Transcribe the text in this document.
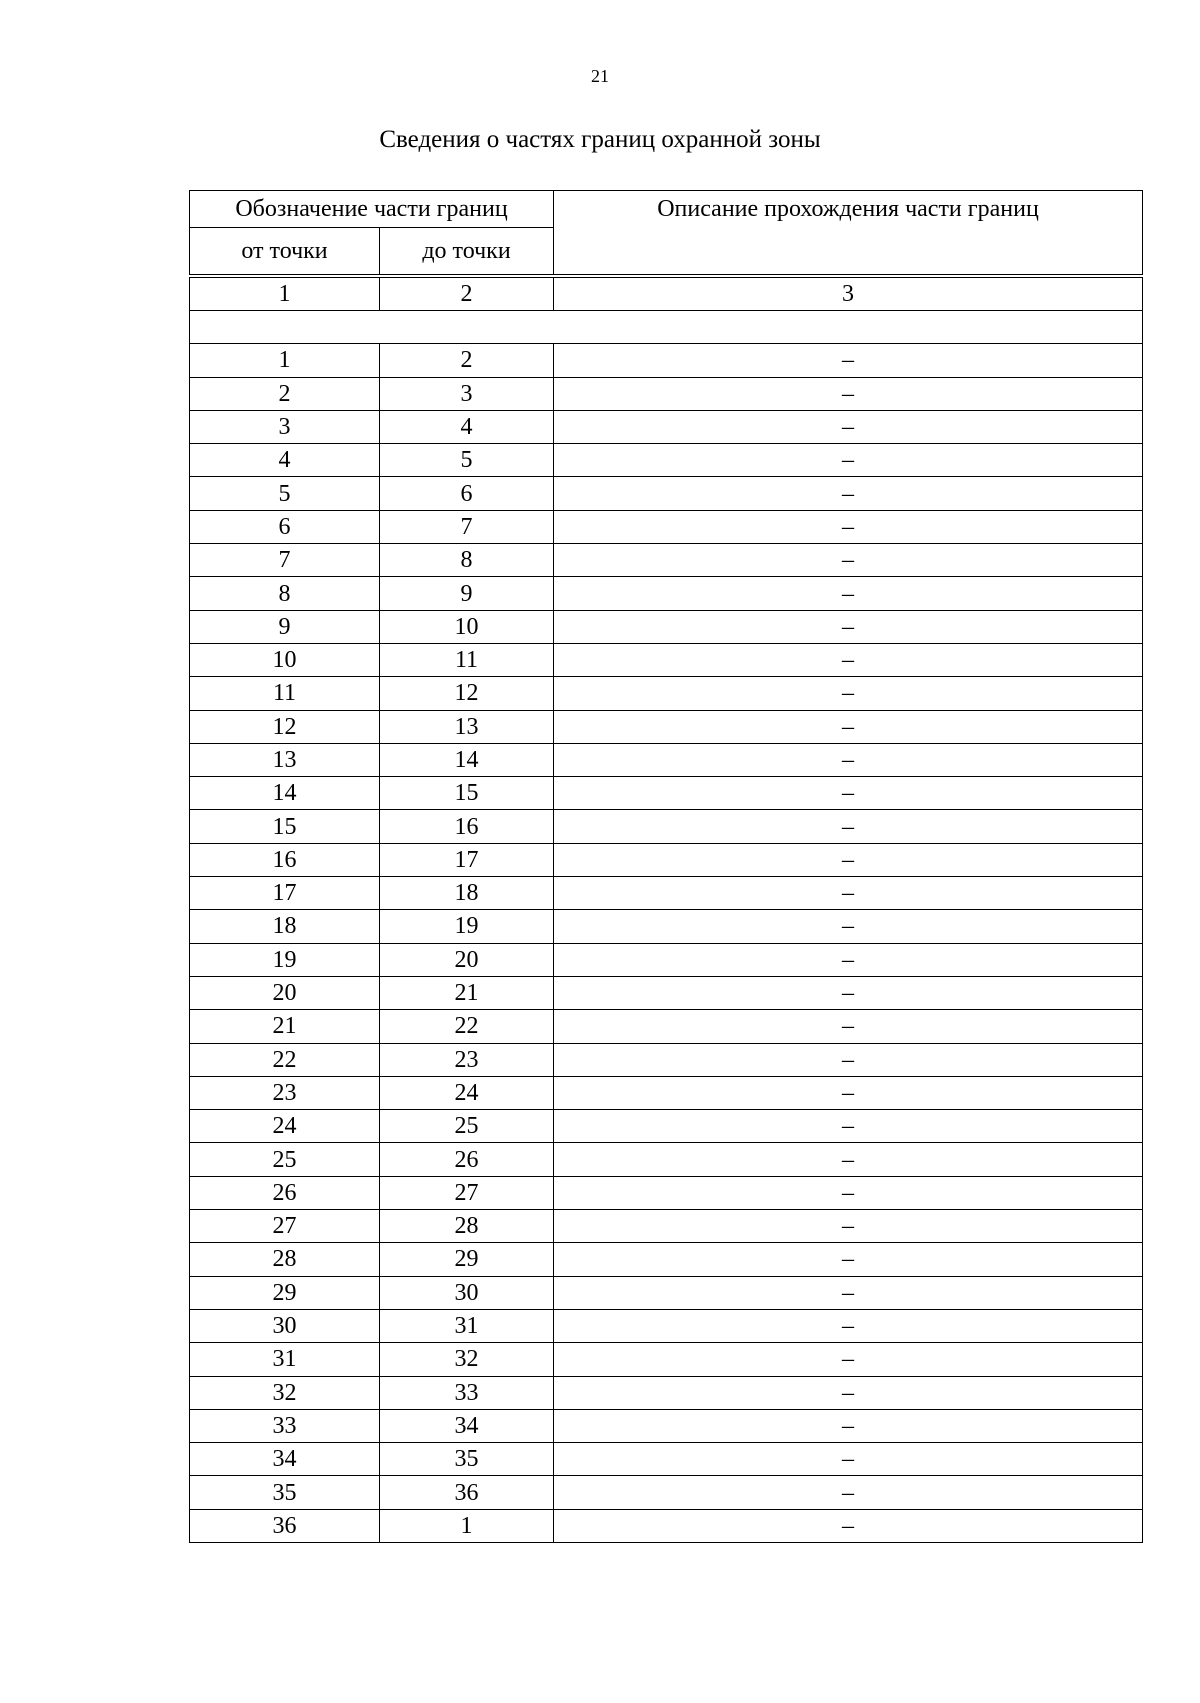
21
Сведения о частях границ охранной зоны
Обозначение части границ		Описание прохождения части границ
от точки	до точки	
1	2	3

1	2	–
2	3	–
3	4	–
4	5	–
5	6	–
6	7	–
7	8	–
8	9	–
9	10	–
10	11	–
11	12	–
12	13	–
13	14	–
14	15	–
15	16	–
16	17	–
17	18	–
18	19	–
19	20	–
20	21	–
21	22	–
22	23	–
23	24	–
24	25	–
25	26	–
26	27	–
27	28	–
28	29	–
29	30	–
30	31	–
31	32	–
32	33	–
33	34	–
34	35	–
35	36	–
36	1	–
